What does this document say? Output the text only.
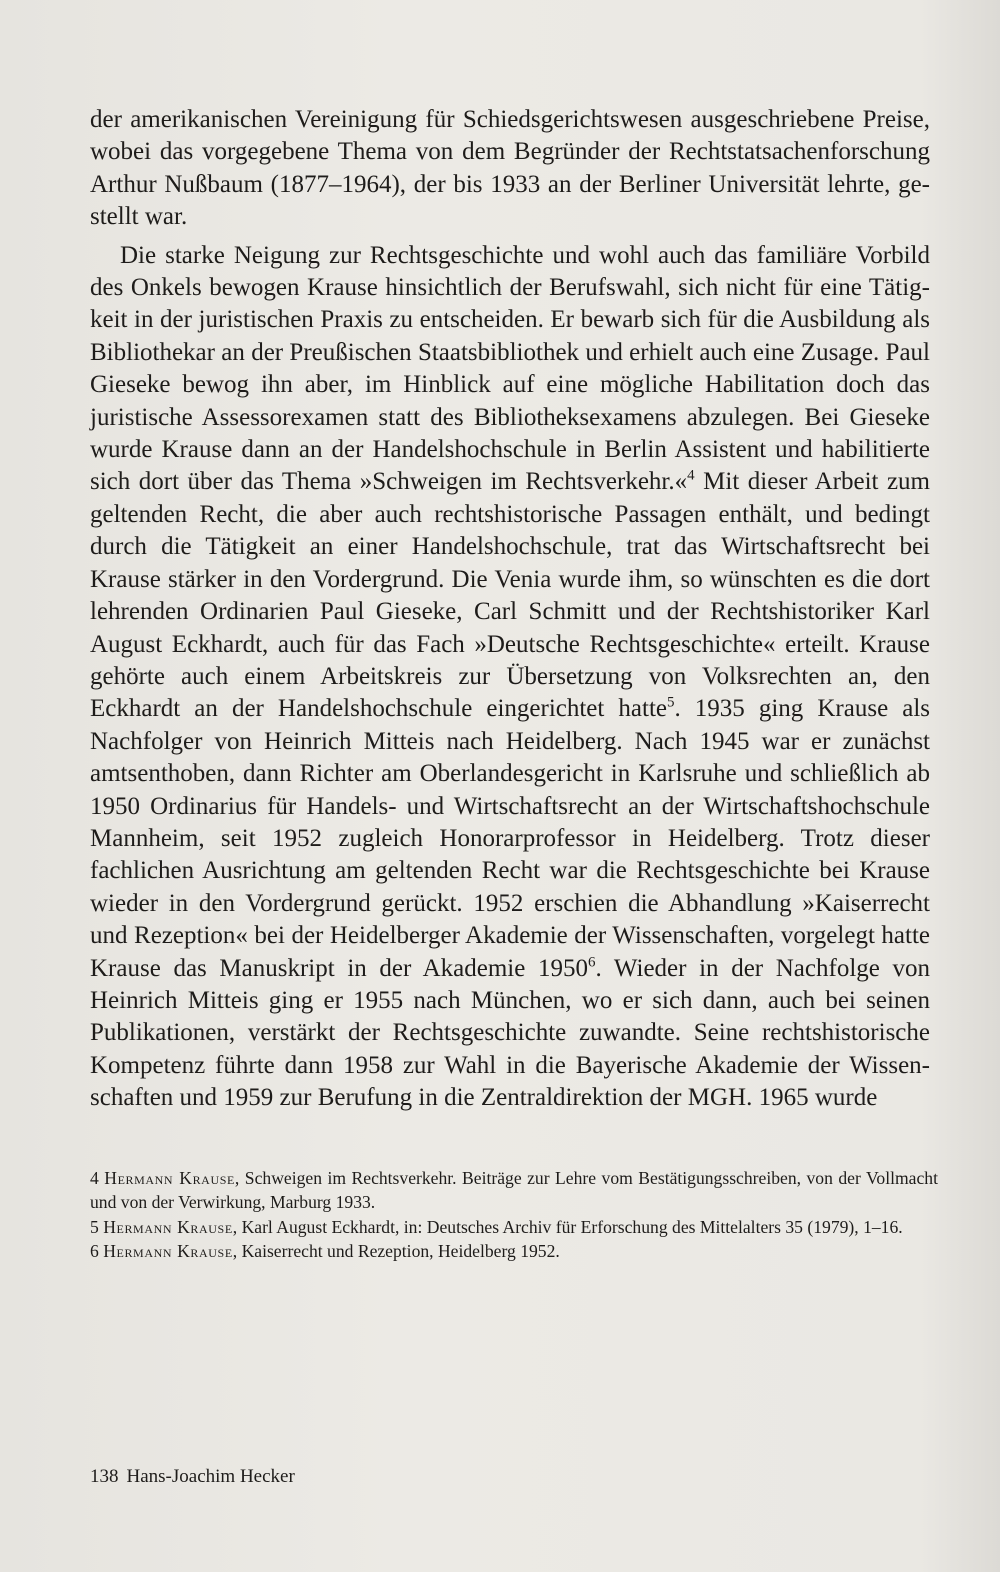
der amerikanischen Vereinigung für Schiedsgerichtswesen ausgeschriebene Preise, wobei das vorgegebene Thema von dem Begründer der Rechtstatsachenforschung Arthur Nußbaum (1877–1964), der bis 1933 an der Berliner Universität lehrte, gestellt war.

Die starke Neigung zur Rechtsgeschichte und wohl auch das familiäre Vorbild des Onkels bewogen Krause hinsichtlich der Berufswahl, sich nicht für eine Tätigkeit in der juristischen Praxis zu entscheiden. Er bewarb sich für die Ausbildung als Bibliothekar an der Preußischen Staatsbibliothek und erhielt auch eine Zusage. Paul Gieseke bewog ihn aber, im Hinblick auf eine mögliche Habilitation doch das juristische Assessorexamen statt des Bibliotheksexamens abzulegen. Bei Gieseke wurde Krause dann an der Handelshochschule in Berlin Assistent und habilitierte sich dort über das Thema »Schweigen im Rechtsverkehr.«$^4$ Mit dieser Arbeit zum geltenden Recht, die aber auch rechtshistorische Passagen enthält, und bedingt durch die Tätigkeit an einer Handelshochschule, trat das Wirtschaftsrecht bei Krause stärker in den Vordergrund. Die Venia wurde ihm, so wünschten es die dort lehrenden Ordinarien Paul Gieseke, Carl Schmitt und der Rechtshistoriker Karl August Eckhardt, auch für das Fach »Deutsche Rechtsgeschichte« erteilt. Krause gehörte auch einem Arbeitskreis zur Übersetzung von Volksrechten an, den Eckhardt an der Handelshochschule eingerichtet hatte$^5$. 1935 ging Krause als Nachfolger von Heinrich Mitteis nach Heidelberg. Nach 1945 war er zunächst amtsenthoben, dann Richter am Oberlandesgericht in Karlsruhe und schließlich ab 1950 Ordinarius für Handels- und Wirtschaftsrecht an der Wirtschaftshochschule Mannheim, seit 1952 zugleich Honorarprofessor in Heidelberg. Trotz dieser fachlichen Ausrichtung am geltenden Recht war die Rechtsgeschichte bei Krause wieder in den Vordergrund gerückt. 1952 erschien die Abhandlung »Kaiserrecht und Rezeption« bei der Heidelberger Akademie der Wissenschaften, vorgelegt hatte Krause das Manuskript in der Akademie 1950$^6$. Wieder in der Nachfolge von Heinrich Mitteis ging er 1955 nach München, wo er sich dann, auch bei seinen Publikationen, verstärkt der Rechtsgeschichte zuwandte. Seine rechtshistorische Kompetenz führte dann 1958 zur Wahl in die Bayerische Akademie der Wissenschaften und 1959 zur Berufung in die Zentraldirektion der MGH. 1965 wurde

4 Hermann Krause, Schweigen im Rechtsverkehr. Beiträge zur Lehre vom Bestätigungsschreiben, von der Vollmacht und von der Verwirkung, Marburg 1933.

5 Hermann Krause, Karl August Eckhardt, in: Deutsches Archiv für Erforschung des Mittelalters 35 (1979), 1–16.

6 Hermann Krause, Kaiserrecht und Rezeption, Heidelberg 1952.

138 Hans-Joachim Hecker
